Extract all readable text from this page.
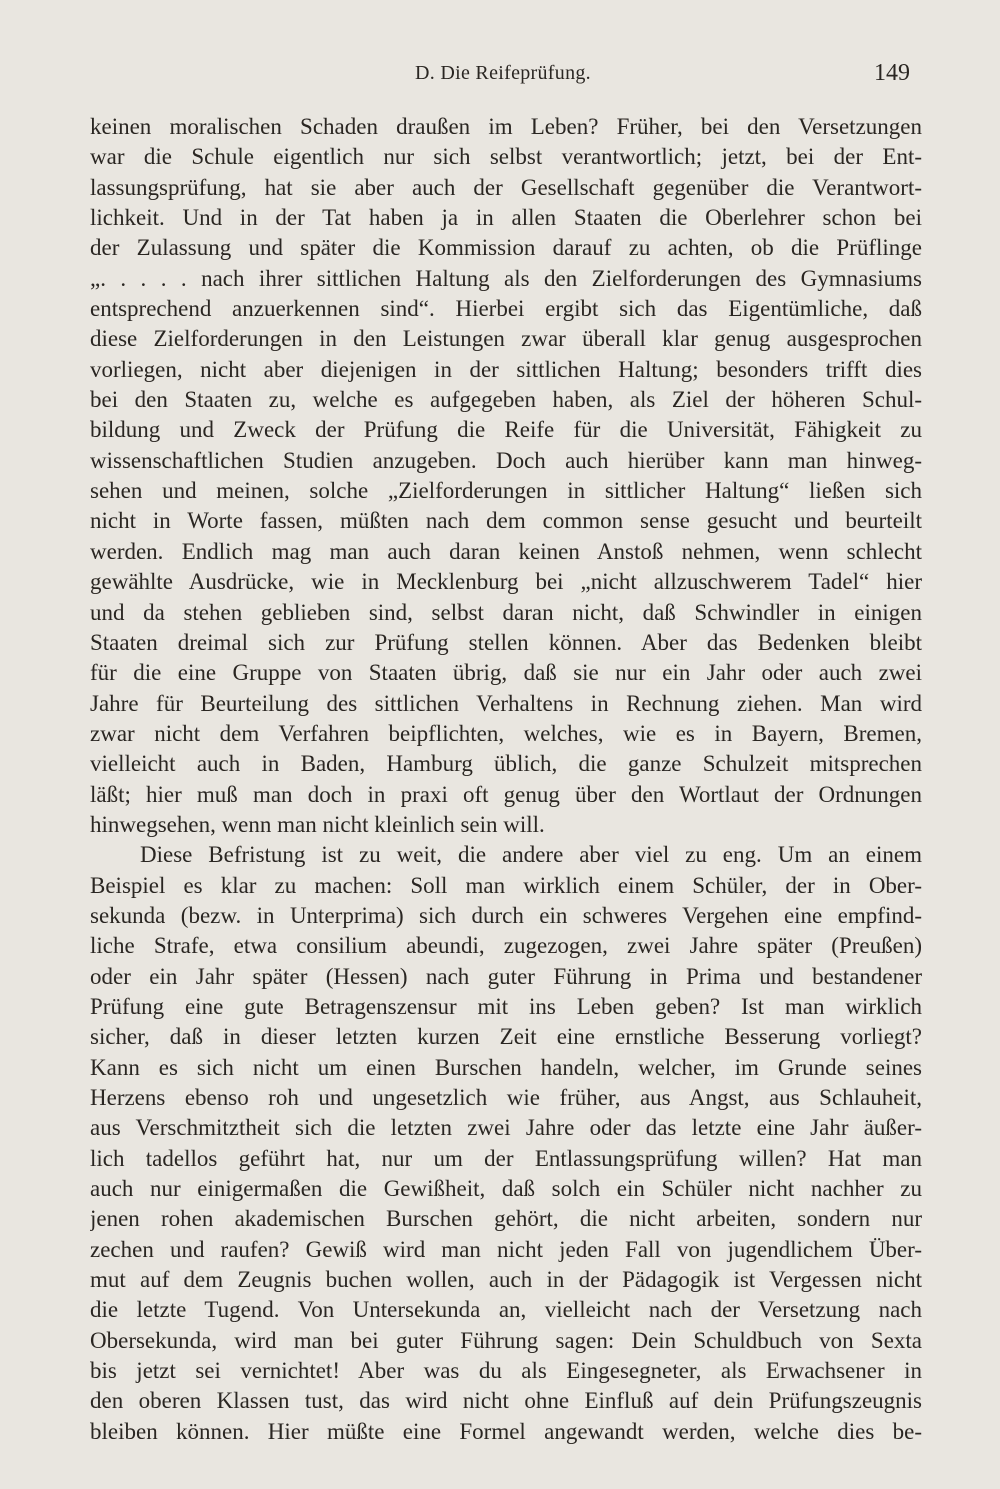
D. Die Reifeprüfung.	149
keinen moralischen Schaden draußen im Leben? Früher, bei den Versetzungen
war die Schule eigentlich nur sich selbst verantwortlich; jetzt, bei der Ent-
lassungsprüfung, hat sie aber auch der Gesellschaft gegenüber die Verantwort-
lichkeit. Und in der Tat haben ja in allen Staaten die Oberlehrer schon bei
der Zulassung und später die Kommission darauf zu achten, ob die Prüflinge
„. . . . . nach ihrer sittlichen Haltung als den Zielforderungen des Gymnasiums
entsprechend anzuerkennen sind“. Hierbei ergibt sich das Eigentümliche, daß
diese Zielforderungen in den Leistungen zwar überall klar genug ausgesprochen
vorliegen, nicht aber diejenigen in der sittlichen Haltung; besonders trifft dies
bei den Staaten zu, welche es aufgegeben haben, als Ziel der höheren Schul-
bildung und Zweck der Prüfung die Reife für die Universität, Fähigkeit zu
wissenschaftlichen Studien anzugeben. Doch auch hierüber kann man hinweg-
sehen und meinen, solche „Zielforderungen in sittlicher Haltung“ ließen sich
nicht in Worte fassen, müßten nach dem common sense gesucht und beurteilt
werden. Endlich mag man auch daran keinen Anstoß nehmen, wenn schlecht
gewählte Ausdrücke, wie in Mecklenburg bei „nicht allzuschwerem Tadel“ hier
und da stehen geblieben sind, selbst daran nicht, daß Schwindler in einigen
Staaten dreimal sich zur Prüfung stellen können. Aber das Bedenken bleibt
für die eine Gruppe von Staaten übrig, daß sie nur ein Jahr oder auch zwei
Jahre für Beurteilung des sittlichen Verhaltens in Rechnung ziehen. Man wird
zwar nicht dem Verfahren beipflichten, welches, wie es in Bayern, Bremen,
vielleicht auch in Baden, Hamburg üblich, die ganze Schulzeit mitsprechen
läßt; hier muß man doch in praxi oft genug über den Wortlaut der Ordnungen
hinwegsehen, wenn man nicht kleinlich sein will.
Diese Befristung ist zu weit, die andere aber viel zu eng. Um an einem
Beispiel es klar zu machen: Soll man wirklich einem Schüler, der in Ober-
sekunda (bezw. in Unterprima) sich durch ein schweres Vergehen eine empfind-
liche Strafe, etwa consilium abeundi, zugezogen, zwei Jahre später (Preußen)
oder ein Jahr später (Hessen) nach guter Führung in Prima und bestandener
Prüfung eine gute Betragenszensur mit ins Leben geben? Ist man wirklich
sicher, daß in dieser letzten kurzen Zeit eine ernstliche Besserung vorliegt?
Kann es sich nicht um einen Burschen handeln, welcher, im Grunde seines
Herzens ebenso roh und ungesetzlich wie früher, aus Angst, aus Schlauheit,
aus Verschmitztheit sich die letzten zwei Jahre oder das letzte eine Jahr äußer-
lich tadellos geführt hat, nur um der Entlassungsprüfung willen? Hat man
auch nur einigermaßen die Gewißheit, daß solch ein Schüler nicht nachher zu
jenen rohen akademischen Burschen gehört, die nicht arbeiten, sondern nur
zechen und raufen? Gewiß wird man nicht jeden Fall von jugendlichem Über-
mut auf dem Zeugnis buchen wollen, auch in der Pädagogik ist Vergessen nicht
die letzte Tugend. Von Untersekunda an, vielleicht nach der Versetzung nach
Obersekunda, wird man bei guter Führung sagen: Dein Schuldbuch von Sexta
bis jetzt sei vernichtet! Aber was du als Eingesegneter, als Erwachsener in
den oberen Klassen tust, das wird nicht ohne Einfluß auf dein Prüfungszeugnis
bleiben können. Hier müßte eine Formel angewandt werden, welche dies be-
